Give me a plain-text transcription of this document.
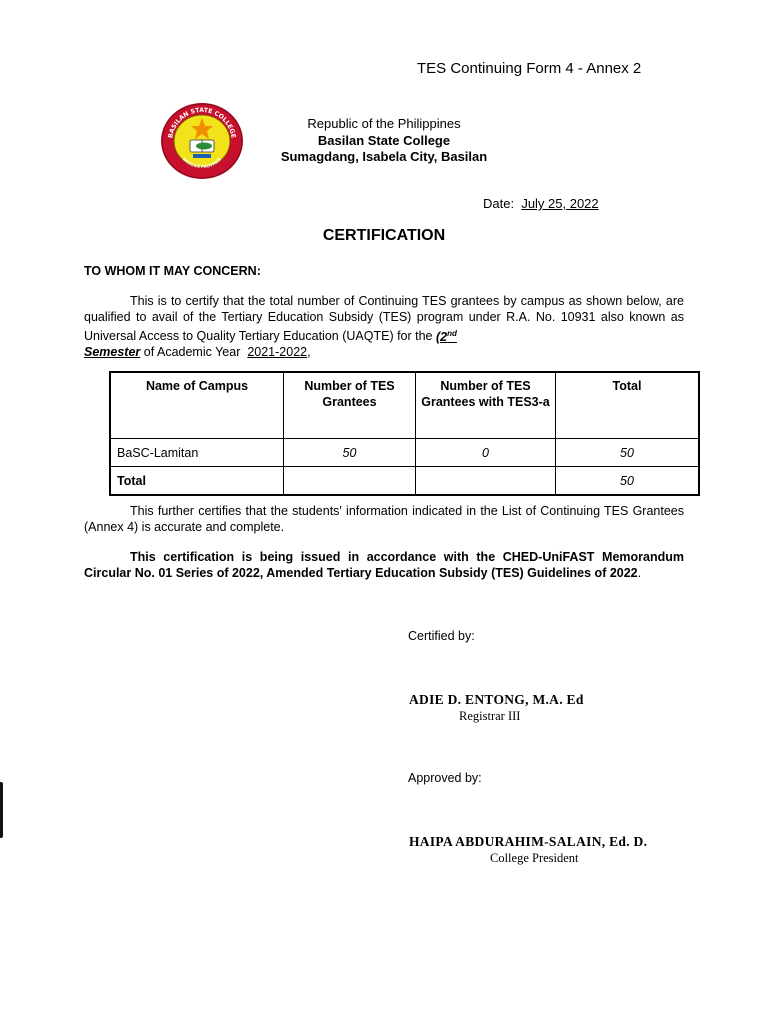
TES Continuing Form 4 - Annex 2
BASILAN STATE COLLEGE
BASILAN PROVINCE
Republic of the Philippines
Basilan State College
Sumagdang, Isabela City, Basilan
Date: July 25, 2022
CERTIFICATION
TO WHOM IT MAY CONCERN:
This is to certify that the total number of Continuing TES grantees by campus as shown below, are qualified to avail of the Tertiary Education Subsidy (TES) program under R.A. No. 10931 also known as Universal Access to Quality Tertiary Education (UAQTE) for the (2nd
Semester of Academic Year  2021-2022,
Name of Campus	Number of TES Grantees	Number of TES Grantees with TES3-a	Total
BaSC-Lamitan	50	0	50
Total			50
This further certifies that the students' information indicated in the List of Continuing TES Grantees (Annex 4) is accurate and complete.
This certification is being issued in accordance with the CHED-UniFAST Memorandum Circular No. 01 Series of 2022, Amended Tertiary Education Subsidy (TES) Guidelines of 2022.
Certified by:
ADIE D. ENTONG, M.A. Ed
Registrar III
Approved by:
HAIPA ABDURAHIM-SALAIN, Ed. D.
College President
